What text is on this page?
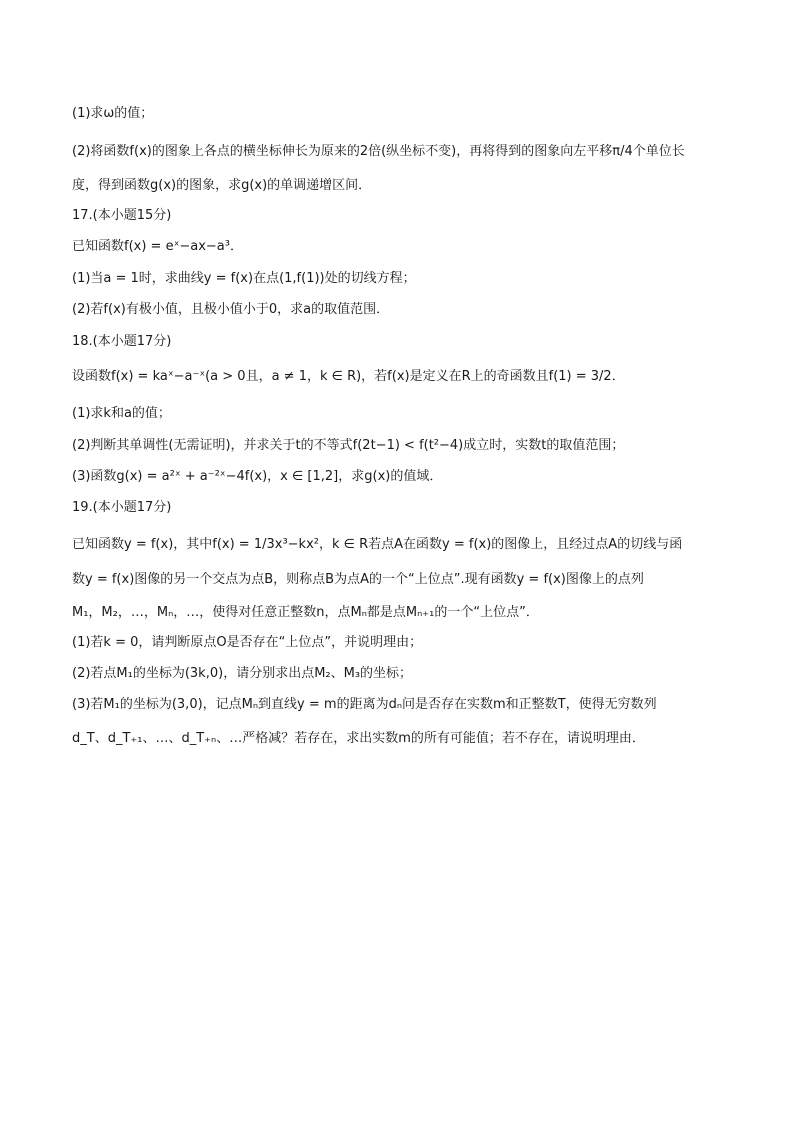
(1)求ω的值；
(2)将函数f(x)的图象上各点的横坐标伸长为原来的2倍(纵坐标不变)，再将得到的图象向左平移π/4个单位长
度，得到函数g(x)的图象，求g(x)的单调递增区间．
17.(本小题15分)
已知函数f(x) = eˣ−ax−a³．
(1)当a = 1时，求曲线y = f(x)在点(1,f(1))处的切线方程；
(2)若f(x)有极小值，且极小值小于0，求a的取值范围．
18.(本小题17分)
设函数f(x) = kaˣ−a⁻ˣ(a > 0且，a ≠ 1，k ∈ R)，若f(x)是定义在R上的奇函数且f(1) = 3/2．
(1)求k和a的值；
(2)判断其单调性(无需证明)，并求关于t的不等式f(2t−1) < f(t²−4)成立时，实数t的取值范围；
(3)函数g(x) = a²ˣ + a⁻²ˣ−4f(x)，x ∈ [1,2]，求g(x)的值域．
19.(本小题17分)
已知函数y = f(x)，其中f(x) = 1/3x³−kx²，k ∈ R若点A在函数y = f(x)的图像上，且经过点A的切线与函
数y = f(x)图像的另一个交点为点B，则称点B为点A的一个“上位点”.现有函数y = f(x)图像上的点列
M₁，M₂，…，Mₙ，…，使得对任意正整数n，点Mₙ都是点Mₙ₊₁的一个“上位点”．
(1)若k = 0，请判断原点O是否存在“上位点”，并说明理由；
(2)若点M₁的坐标为(3k,0)，请分别求出点M₂、M₃的坐标；
(3)若M₁的坐标为(3,0)，记点Mₙ到直线y = m的距离为dₙ问是否存在实数m和正整数T，使得无穷数列
d_T、d_T₊₁、…、d_T₊ₙ、…严格减？若存在，求出实数m的所有可能值；若不存在，请说明理由．
